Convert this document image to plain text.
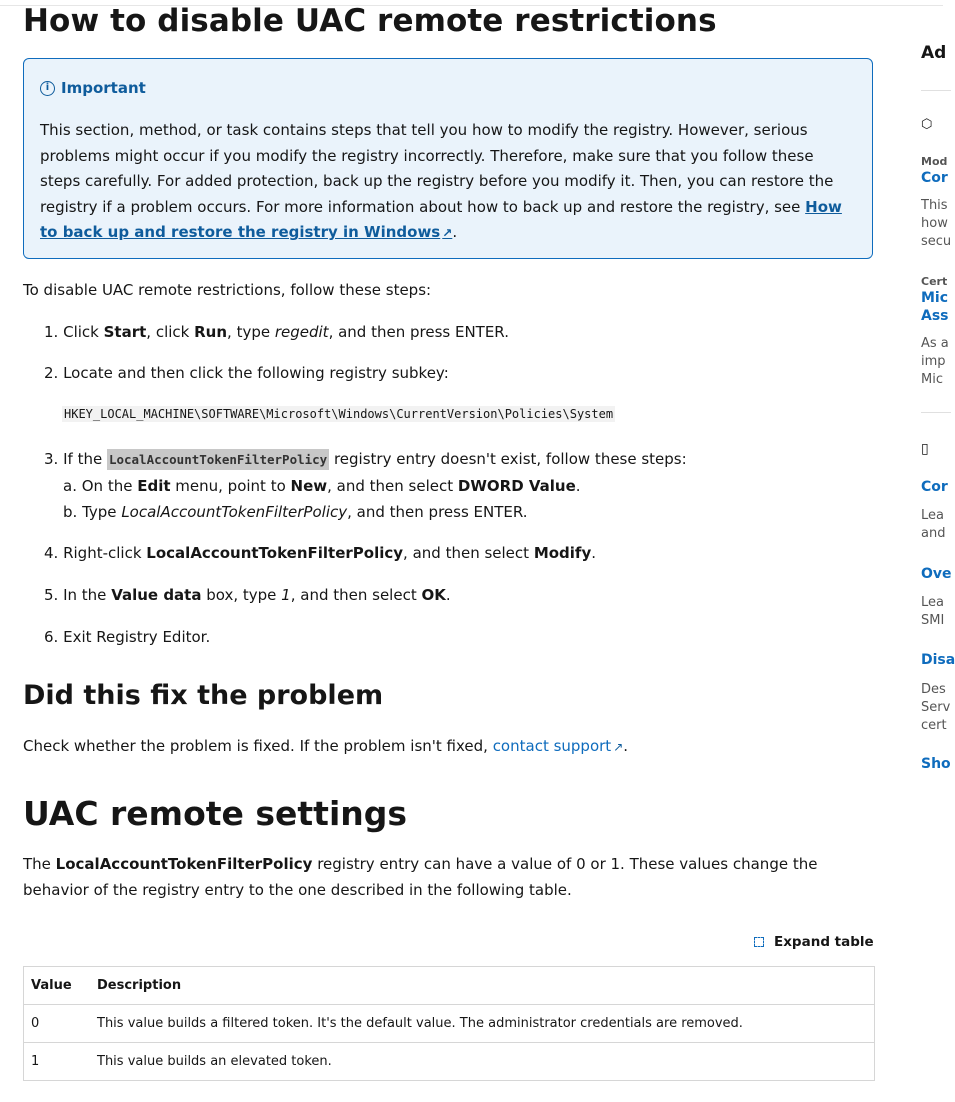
How to disable UAC remote restrictions
i Important
This section, method, or task contains steps that tell you how to modify the registry. However, serious problems might occur if you modify the registry incorrectly. Therefore, make sure that you follow these steps carefully. For added protection, back up the registry before you modify it. Then, you can restore the registry if a problem occurs. For more information about how to back up and restore the registry, see How to back up and restore the registry in Windows ↗.

To disable UAC remote restrictions, follow these steps:

1. Click Start, click Run, type regedit, and then press ENTER.
2. Locate and then click the following registry subkey:
HKEY_LOCAL_MACHINE\SOFTWARE\Microsoft\Windows\CurrentVersion\Policies\System
3. If the LocalAccountTokenFilterPolicy registry entry doesn't exist, follow these steps:
a. On the Edit menu, point to New, and then select DWORD Value.
b. Type LocalAccountTokenFilterPolicy, and then press ENTER.
4. Right-click LocalAccountTokenFilterPolicy, and then select Modify.
5. In the Value data box, type 1, and then select OK.
6. Exit Registry Editor.
Did this fix the problem

Check whether the problem is fixed. If the problem isn't fixed, contact support ↗.

UAC remote settings

The LocalAccountTokenFilterPolicy registry entry can have a value of 0 or 1. These values change the behavior of the registry entry to the one described in the following table.

Expand table
Value	Description
0	This value builds a filtered token. It's the default value. The administrator credentials are removed.
1	This value builds an elevated token.
Ad
⬡
Mod
Cor
This
how
secu
Cert
Mic
Ass
As a
imp
Mic
▯
Cor
Lea
and
Ove
Lea
SMI
Disa
Des
Serv
cert
Sho
